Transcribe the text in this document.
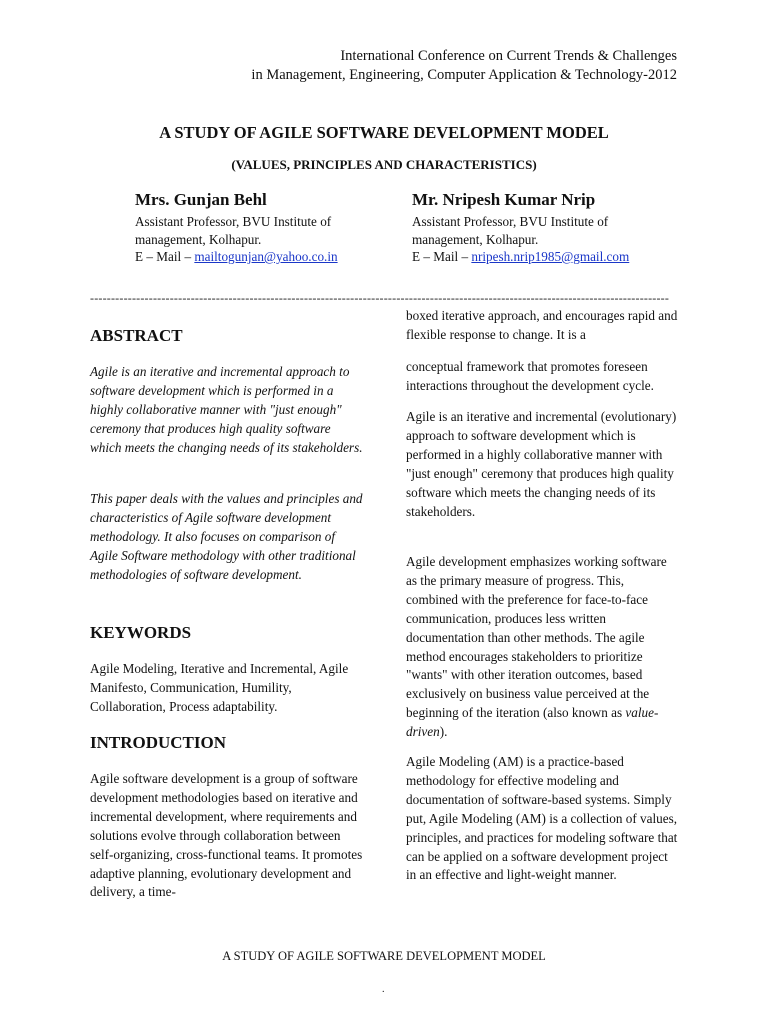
International Conference on Current Trends & Challenges
in Management, Engineering, Computer Application & Technology-2012
A STUDY OF AGILE SOFTWARE DEVELOPMENT MODEL
(VALUES, PRINCIPLES AND CHARACTERISTICS)
Mrs. Gunjan Behl
Assistant Professor, BVU Institute of
management, Kolhapur.
E – Mail – mailtogunjan@yahoo.co.in
Mr. Nripesh Kumar Nrip
Assistant Professor, BVU Institute of
management, Kolhapur.
E – Mail – nripesh.nrip1985@gmail.com
------------------------------------------------------------------------------------------------------------------------------------------
ABSTRACT

Agile is an iterative and incremental approach to software development which is performed in a highly collaborative manner with "just enough" ceremony that produces high quality software which meets the changing needs of its stakeholders.

This paper deals with the values and principles and characteristics of Agile software development methodology. It also focuses on comparison of Agile Software methodology with other traditional methodologies of software development.

KEYWORDS

Agile Modeling, Iterative and Incremental, Agile Manifesto, Communication, Humility, Collaboration, Process adaptability.

INTRODUCTION

Agile software development is a group of software development methodologies based on iterative and incremental development, where requirements and solutions evolve through collaboration between self-organizing, cross-functional teams. It promotes adaptive planning, evolutionary development and delivery, a time-

boxed iterative approach, and encourages rapid and flexible response to change. It is a

conceptual framework that promotes foreseen interactions throughout the development cycle.

Agile is an iterative and incremental (evolutionary) approach to software development which is performed in a highly collaborative manner with "just enough" ceremony that produces high quality software which meets the changing needs of its stakeholders.

Agile development emphasizes working software as the primary measure of progress. This, combined with the preference for face-to-face communication, produces less written documentation than other methods. The agile method encourages stakeholders to prioritize "wants" with other iteration outcomes, based exclusively on business value perceived at the beginning of the iteration (also known as value-driven).

Agile Modeling (AM) is a practice-based methodology for effective modeling and documentation of software-based systems. Simply put, Agile Modeling (AM) is a collection of values, principles, and practices for modeling software that can be applied on a software development project in an effective and light-weight manner.

A STUDY OF AGILE SOFTWARE DEVELOPMENT MODEL
.
